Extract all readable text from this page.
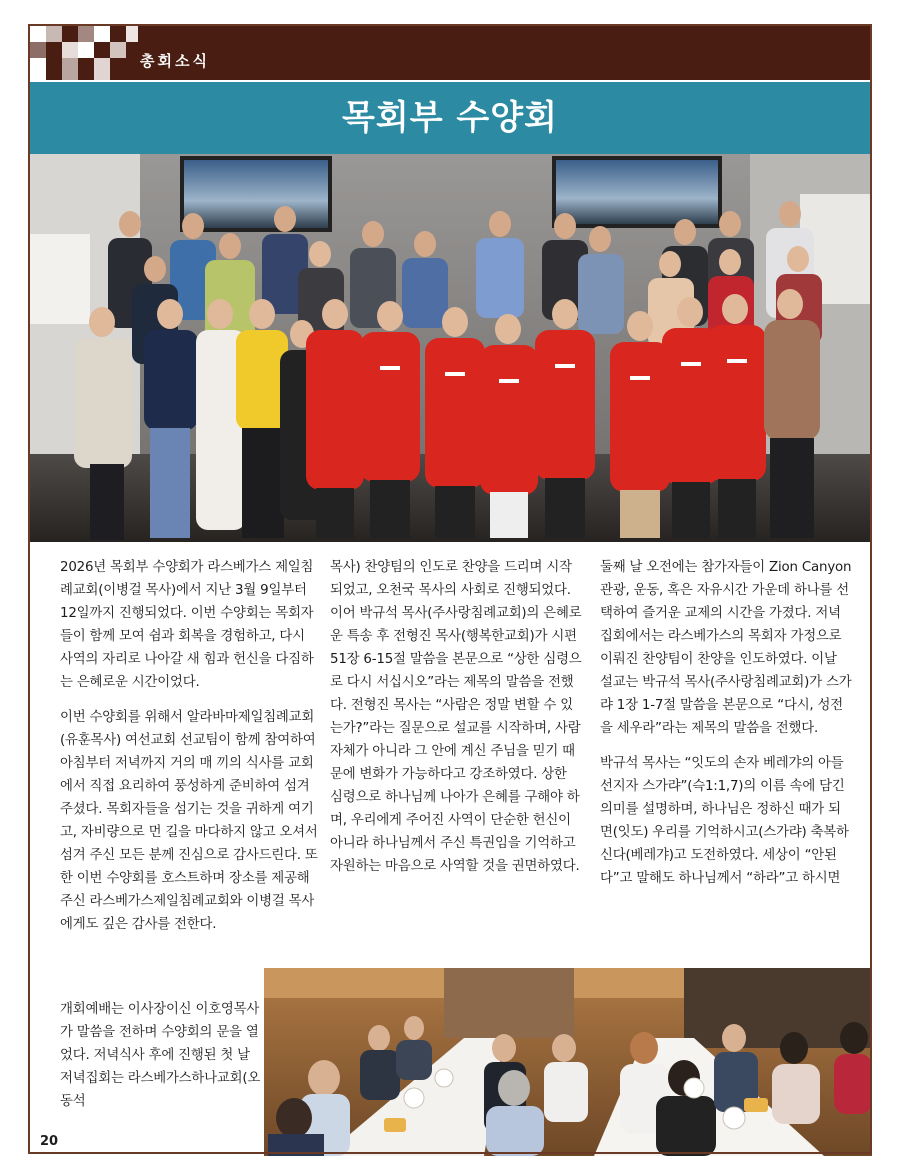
총회소식
목회부 수양회

2026년 목회부 수양회가 라스베가스 제일침례교회(이병걸 목사)에서 지난 3월 9일부터 12일까지 진행되었다. 이번 수양회는 목회자들이 함께 모여 쉼과 회복을 경험하고, 다시 사역의 자리로 나아갈 새 힘과 헌신을 다짐하는 은혜로운 시간이었다.

이번 수양회를 위해서 알라바마제일침례교회(유훈목사) 여선교회 선교팀이 함께 참여하여 아침부터 저녁까지 거의 매 끼의 식사를 교회에서 직접 요리하여 풍성하게 준비하여 섬겨 주셨다. 목회자들을 섬기는 것을 귀하게 여기고, 자비량으로 먼 길을 마다하지 않고 오셔서 섬겨 주신 모든 분께 진심으로 감사드린다. 또한 이번 수양회를 호스트하며 장소를 제공해 주신 라스베가스제일침례교회와 이병걸 목사에게도 깊은 감사를 전한다.

개회예배는 이사장이신 이호영목사가 말씀을 전하며 수양회의 문을 열었다. 저녁식사 후에 진행된 첫 날 저녁집회는 라스베가스하나교회(오동석

목사) 찬양팀의 인도로 찬양을 드리며 시작되었고, 오천국 목사의 사회로 진행되었다. 이어 박규석 목사(주사랑침례교회)의 은혜로운 특송 후 전형진 목사(행복한교회)가 시편 51장 6-15절 말씀을 본문으로 “상한 심령으로 다시 서십시오”라는 제목의 말씀을 전했다. 전형진 목사는 “사람은 정말 변할 수 있는가?”라는 질문으로 설교를 시작하며, 사람 자체가 아니라 그 안에 계신 주님을 믿기 때문에 변화가 가능하다고 강조하였다. 상한 심령으로 하나님께 나아가 은혜를 구해야 하며, 우리에게 주어진 사역이 단순한 헌신이 아니라 하나님께서 주신 특권임을 기억하고 자원하는 마음으로 사역할 것을 권면하였다.

둘째 날 오전에는 참가자들이 Zion Canyon 관광, 운동, 혹은 자유시간 가운데 하나를 선택하여 즐거운 교제의 시간을 가졌다. 저녁 집회에서는 라스베가스의 목회자 가정으로 이뤄진 찬양팀이 찬양을 인도하였다. 이날 설교는 박규석 목사(주사랑침례교회)가 스가랴 1장 1-7절 말씀을 본문으로 “다시, 성전을 세우라”라는 제목의 말씀을 전했다.

박규석 목사는 “잇도의 손자 베레갸의 아들 선지자 스가랴”(슥1:1,7)의 이름 속에 담긴 의미를 설명하며, 하나님은 정하신 때가 되면(잇도) 우리를 기억하시고(스가랴) 축복하신다(베레갸)고 도전하였다. 세상이 “안된다”고 말해도 하나님께서 “하라”고 하시면

20
